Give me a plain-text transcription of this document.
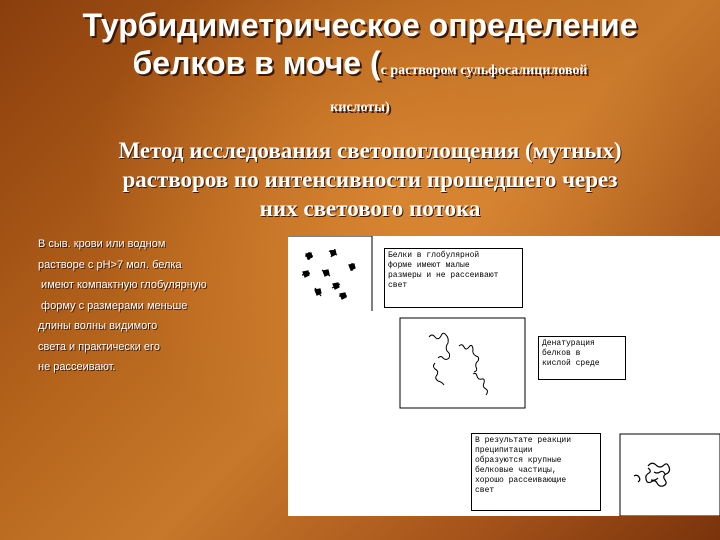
Турбидиметрическое определение
белков в моче (с раствором сульфосалициловой
кислоты)
Метод исследования светопоглощения (мутных)
растворов по интенсивности прошедшего через
них светового потока
В сыв. крови или водном
растворе с рН>7 мол. белка
имеют компактную глобулярную
форму с размерами меньше
длины волны видимого
света и практически его
не рассеивают.
Белки в глобулярной
форме имеют малые
размеры и не рассеивают
свет
Денатурация
белков в
кислой среде
В результате реакции
преципитации
образуются крупные
белковые частицы,
хорошо рассеивающие
свет
